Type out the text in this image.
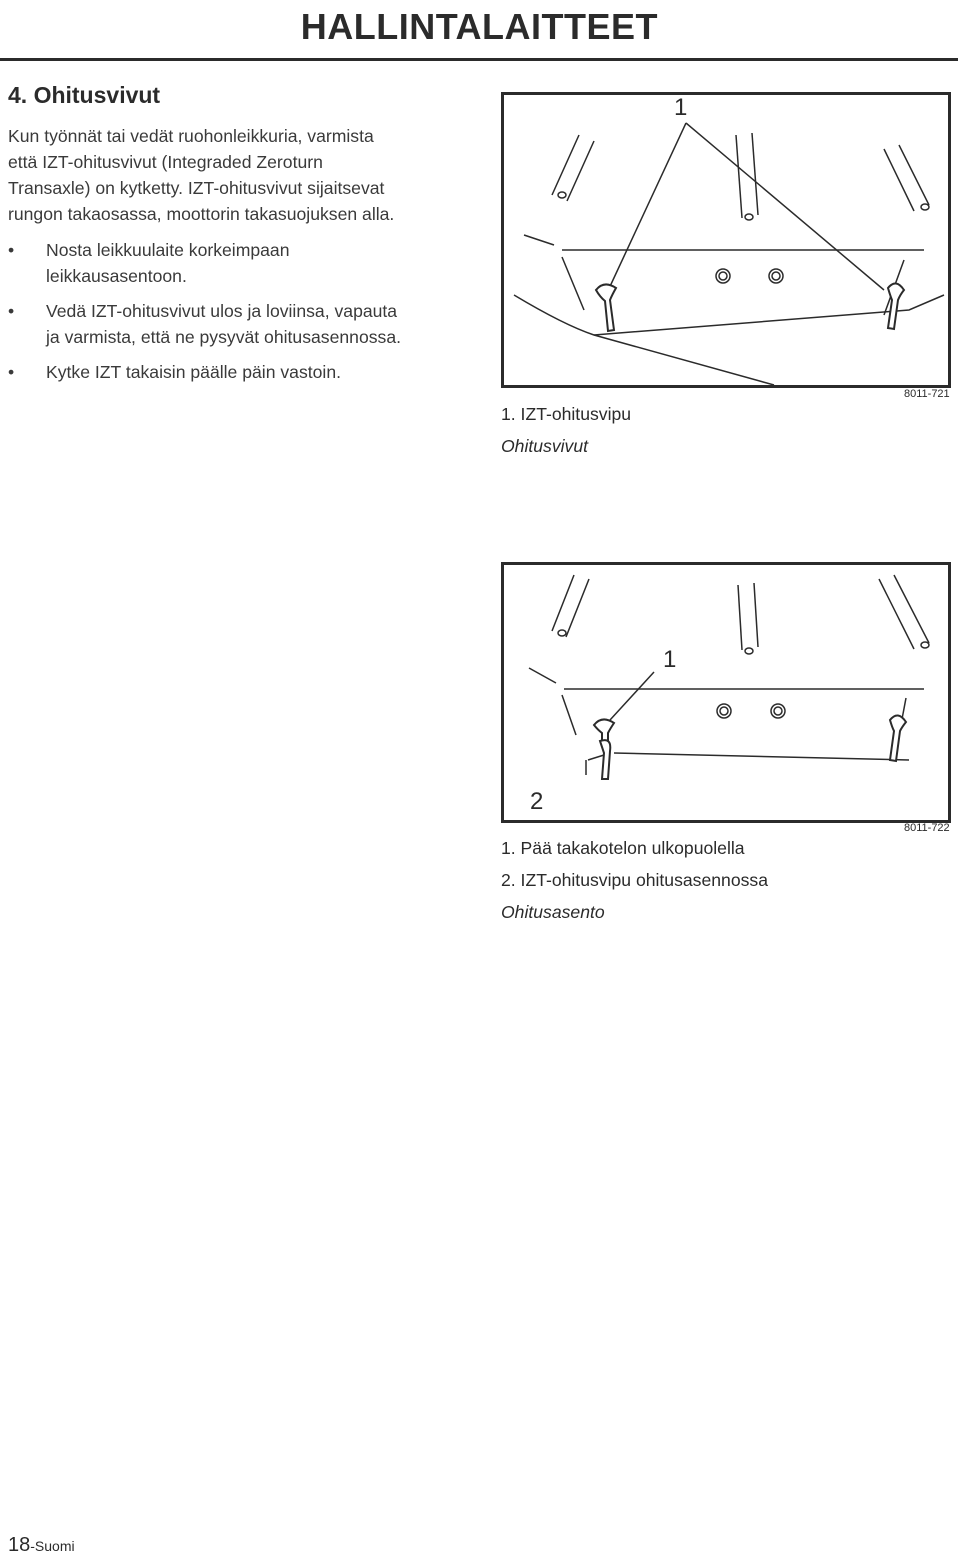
HALLINTALAITTEET
4. Ohitusvivut

Kun työnnät tai vedät ruohonleikkuria, varmista että IZT-ohitusvivut (Integraded Zeroturn Transaxle) on kytketty. IZT-ohitusvivut sijaitsevat rungon takaosassa, moottorin takasuojuksen alla.

• Nosta leikkuulaite korkeimpaan leikkausasentoon.
• Vedä IZT-ohitusvivut ulos ja loviinsa, vapauta ja varmista, että ne pysyvät ohitusasennossa.
• Kytke IZT takaisin päälle päin vastoin.
8011-721
1
1. IZT-ohitusvipu
Ohitusvivut
8011-722
1
2
1. Pää takakotelon ulkopuolella
2. IZT-ohitusvipu ohitusasennossa
Ohitusasento
18-Suomi
